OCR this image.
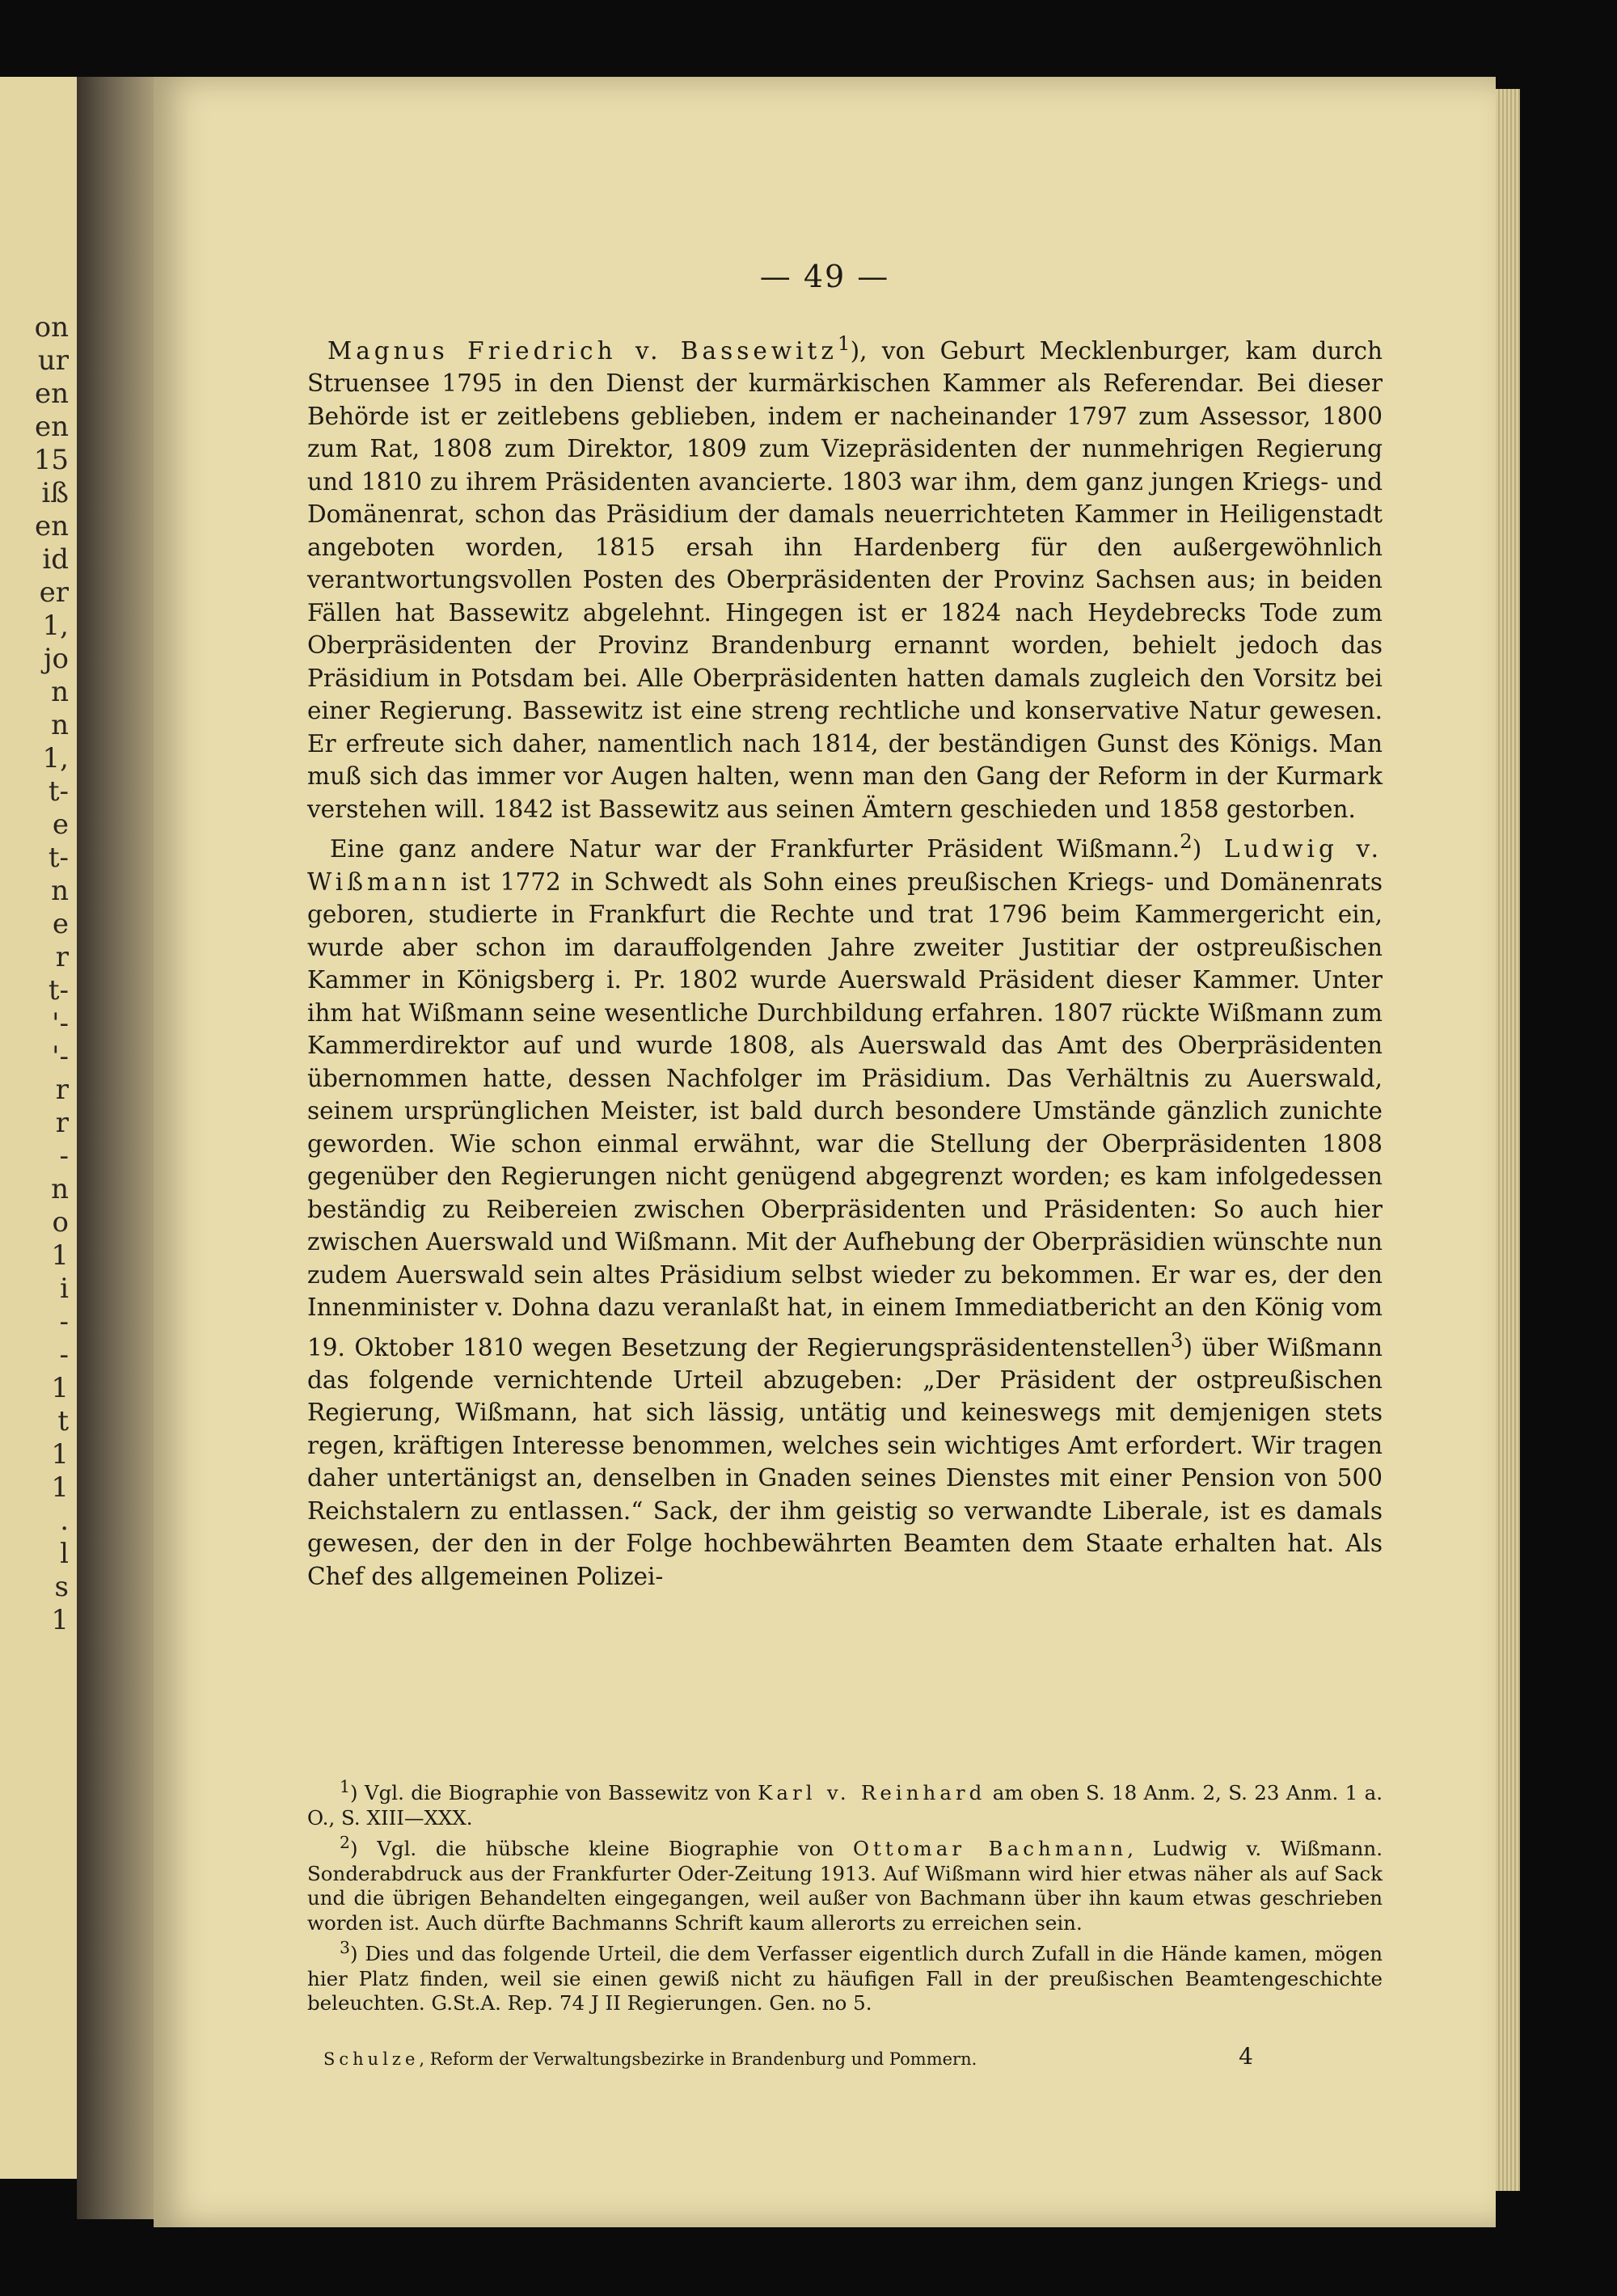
on
ur
en
en
15
iß
en
id
er
1,
jo
n
n
1,
t-
e
t-
n
e
r
t-
'-
'-
r
r
-
n
o
1
i
-
-
1
t
1
1
.
l
s
1
— 49 —

Magnus Friedrich v. Bassewitz$^1$), von Geburt Mecklenburger, kam durch Struensee 1795 in den Dienst der kurmärkischen Kammer als Referendar. Bei dieser Behörde ist er zeitlebens geblieben, indem er nacheinander 1797 zum Assessor, 1800 zum Rat, 1808 zum Direktor, 1809 zum Vizepräsidenten der nunmehrigen Regierung und 1810 zu ihrem Präsidenten avancierte. 1803 war ihm, dem ganz jungen Kriegs- und Domänenrat, schon das Präsidium der damals neuerrichteten Kammer in Heiligenstadt angeboten worden, 1815 ersah ihn Hardenberg für den außergewöhnlich verantwortungsvollen Posten des Oberpräsidenten der Provinz Sachsen aus; in beiden Fällen hat Bassewitz abgelehnt. Hingegen ist er 1824 nach Heydebrecks Tode zum Oberpräsidenten der Provinz Brandenburg ernannt worden, behielt jedoch das Präsidium in Potsdam bei. Alle Oberpräsidenten hatten damals zugleich den Vorsitz bei einer Regierung. Bassewitz ist eine streng rechtliche und konservative Natur gewesen. Er erfreute sich daher, namentlich nach 1814, der beständigen Gunst des Königs. Man muß sich das immer vor Augen halten, wenn man den Gang der Reform in der Kurmark verstehen will. 1842 ist Bassewitz aus seinen Ämtern geschieden und 1858 gestorben.

Eine ganz andere Natur war der Frankfurter Präsident Wißmann.$^2$) Ludwig v. Wißmann ist 1772 in Schwedt als Sohn eines preußischen Kriegs- und Domänenrats geboren, studierte in Frankfurt die Rechte und trat 1796 beim Kammergericht ein, wurde aber schon im darauffolgenden Jahre zweiter Justitiar der ostpreußischen Kammer in Königsberg i. Pr. 1802 wurde Auerswald Präsident dieser Kammer. Unter ihm hat Wißmann seine wesentliche Durchbildung erfahren. 1807 rückte Wißmann zum Kammerdirektor auf und wurde 1808, als Auerswald das Amt des Oberpräsidenten übernommen hatte, dessen Nachfolger im Präsidium. Das Verhältnis zu Auerswald, seinem ursprünglichen Meister, ist bald durch besondere Umstände gänzlich zunichte geworden. Wie schon einmal erwähnt, war die Stellung der Oberpräsidenten 1808 gegenüber den Regierungen nicht genügend abgegrenzt worden; es kam infolgedessen beständig zu Reibereien zwischen Oberpräsidenten und Präsidenten: So auch hier zwischen Auerswald und Wißmann. Mit der Aufhebung der Oberpräsidien wünschte nun zudem Auerswald sein altes Präsidium selbst wieder zu bekommen. Er war es, der den Innenminister v. Dohna dazu veranlaßt hat, in einem Immediatbericht an den König vom 19. Oktober 1810 wegen Besetzung der Regierungspräsidentenstellen$^3$) über Wißmann das folgende vernichtende Urteil abzugeben: „Der Präsident der ostpreußischen Regierung, Wißmann, hat sich lässig, untätig und keineswegs mit demjenigen stets regen, kräftigen Interesse benommen, welches sein wichtiges Amt erfordert. Wir tragen daher untertänigst an, denselben in Gnaden seines Dienstes mit einer Pension von 500 Reichstalern zu entlassen.“ Sack, der ihm geistig so verwandte Liberale, ist es damals gewesen, der den in der Folge hochbewährten Beamten dem Staate erhalten hat. Als Chef des allgemeinen Polizei-

$^1$) Vgl. die Biographie von Bassewitz von Karl v. Reinhard am oben S. 18 Anm. 2, S. 23 Anm. 1 a. O., S. XIII—XXX.

$^2$) Vgl. die hübsche kleine Biographie von Ottomar Bachmann, Ludwig v. Wißmann. Sonderabdruck aus der Frankfurter Oder-Zeitung 1913. Auf Wißmann wird hier etwas näher als auf Sack und die übrigen Behandelten eingegangen, weil außer von Bachmann über ihn kaum etwas geschrieben worden ist. Auch dürfte Bachmanns Schrift kaum allerorts zu erreichen sein.

$^3$) Dies und das folgende Urteil, die dem Verfasser eigentlich durch Zufall in die Hände kamen, mögen hier Platz finden, weil sie einen gewiß nicht zu häufigen Fall in der preußischen Beamtengeschichte beleuchten. G.St.A. Rep. 74 J II Regierungen. Gen. no 5.

Schulze, Reform der Verwaltungsbezirke in Brandenburg und Pommern.	4
